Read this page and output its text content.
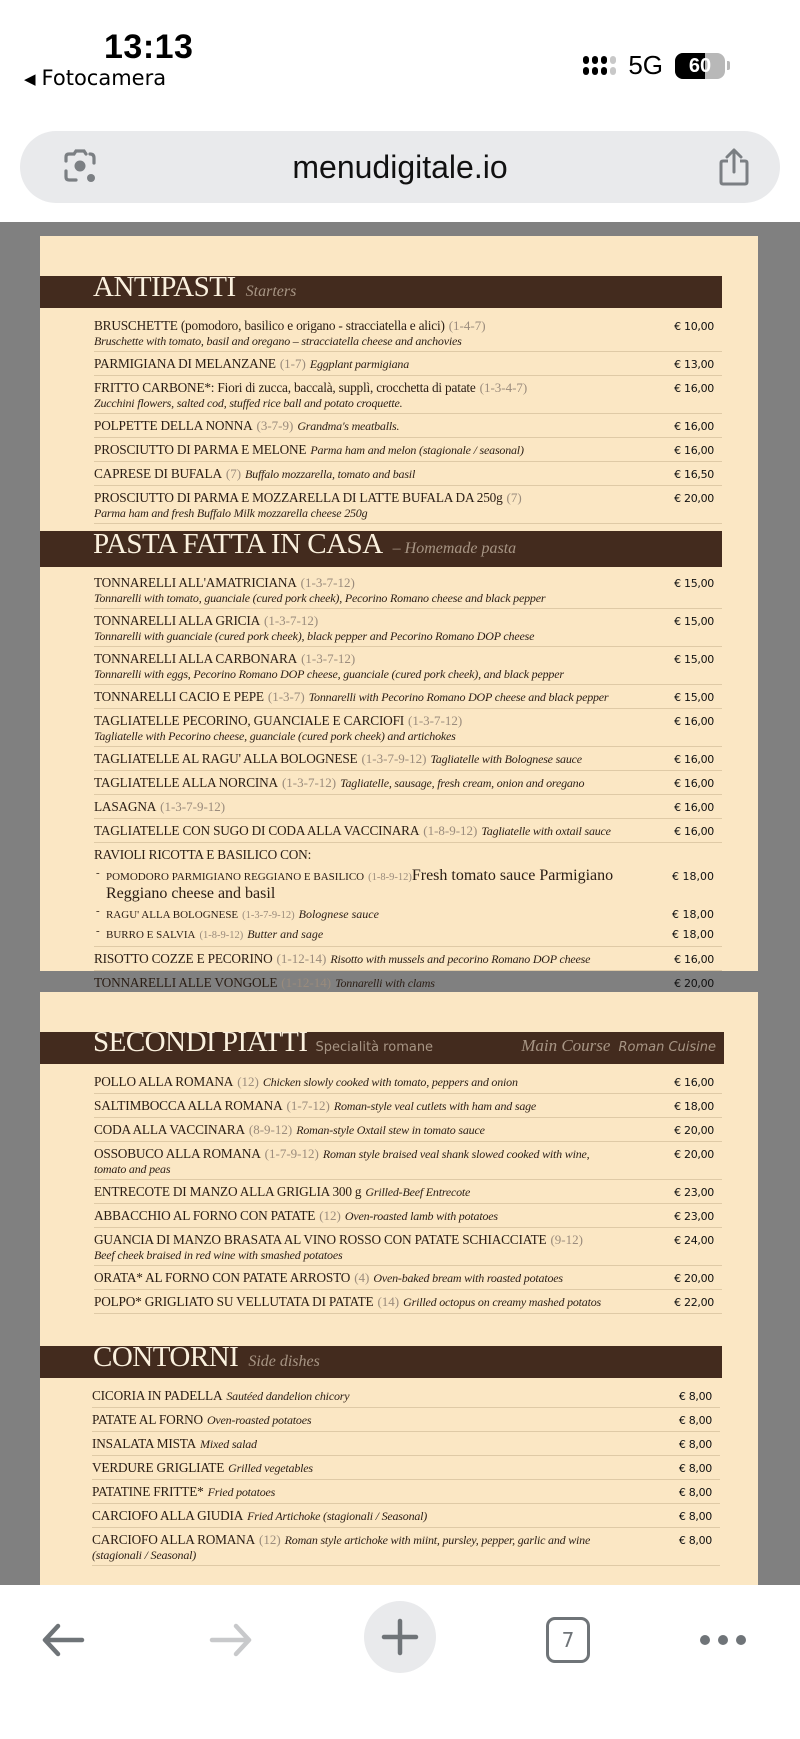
13:13
◀ Fotocamera	5G	60
menudigitale.io
ANTIPASTI Starters
BRUSCHETTE (pomodoro, basilico e origano - stracciatella e alici) (1-4-7)
Bruschette with tomato, basil and oregano – stracciatella cheese and anchovies
€ 10,00
PARMIGIANA DI MELANZANE (1-7) Eggplant parmigiana	€ 13,00
FRITTO CARBONE*: Fiori di zucca, baccalà, supplì, crocchetta di patate (1-3-4-7)
Zucchini flowers, salted cod, stuffed rice ball and potato croquette.
€ 16,00
POLPETTE DELLA NONNA (3-7-9) Grandma's meatballs.	€ 16,00
PROSCIUTTO DI PARMA E MELONE Parma ham and melon (stagionale / seasonal)	€ 16,00
CAPRESE DI BUFALA (7) Buffalo mozzarella, tomato and basil	€ 16,50
PROSCIUTTO DI PARMA E MOZZARELLA DI LATTE BUFALA DA 250g (7)
Parma ham and fresh Buffalo Milk mozzarella cheese 250g
€ 20,00
PASTA FATTA IN CASA – Homemade pasta
TONNARELLI ALL'AMATRICIANA (1-3-7-12)
Tonnarelli with tomato, guanciale (cured pork cheek), Pecorino Romano cheese and black pepper
€ 15,00
TONNARELLI ALLA GRICIA (1-3-7-12)
Tonnarelli with guanciale (cured pork cheek), black pepper and Pecorino Romano DOP cheese
€ 15,00
TONNARELLI ALLA CARBONARA (1-3-7-12)
Tonnarelli with eggs, Pecorino Romano DOP cheese, guanciale (cured pork cheek), and black pepper
€ 15,00
TONNARELLI CACIO E PEPE (1-3-7) Tonnarelli with Pecorino Romano DOP cheese and black pepper	€ 15,00
TAGLIATELLE PECORINO, GUANCIALE E CARCIOFI (1-3-7-12)
Tagliatelle with Pecorino cheese, guanciale (cured pork cheek) and artichokes
€ 16,00
TAGLIATELLE AL RAGU' ALLA BOLOGNESE (1-3-7-9-12) Tagliatelle with Bolognese sauce	€ 16,00
TAGLIATELLE ALLA NORCINA (1-3-7-12) Tagliatelle, sausage, fresh cream, onion and oregano	€ 16,00
LASAGNA (1-3-7-9-12)	€ 16,00
TAGLIATELLE CON SUGO DI CODA ALLA VACCINARA (1-8-9-12) Tagliatelle with oxtail sauce	€ 16,00
RAVIOLI RICOTTA E BASILICO CON:
- POMODORO PARMIGIANO REGGIANO E BASILICO (1-8-9-12)Fresh tomato sauce Parmigiano Reggiano cheese and basil
€ 18,00
- RAGU' ALLA BOLOGNESE (1-3-7-9-12) Bolognese sauce	€ 18,00
- BURRO E SALVIA (1-8-9-12) Butter and sage	€ 18,00
RISOTTO COZZE E PECORINO (1-12-14) Risotto with mussels and pecorino Romano DOP cheese	€ 16,00
TONNARELLI ALLE VONGOLE (1-12-14) Tonnarelli with clams	€ 20,00
SECONDI PIATTI Specialità romane	Main Course Roman Cuisine
POLLO ALLA ROMANA (12) Chicken slowly cooked with tomato, peppers and onion	€ 16,00
SALTIMBOCCA ALLA ROMANA (1-7-12) Roman-style veal cutlets with ham and sage	€ 18,00
CODA ALLA VACCINARA (8-9-12) Roman-style Oxtail stew in tomato sauce	€ 20,00
OSSOBUCO ALLA ROMANA (1-7-9-12) Roman style braised veal shank slowed cooked with wine,
tomato and peas
€ 20,00
ENTRECOTE DI MANZO ALLA GRIGLIA 300 g Grilled-Beef Entrecote	€ 23,00
ABBACCHIO AL FORNO CON PATATE (12) Oven-roasted lamb with potatoes	€ 23,00
GUANCIA DI MANZO BRASATA AL VINO ROSSO CON PATATE SCHIACCIATE (9-12)
Beef cheek braised in red wine with smashed potatoes
€ 24,00
ORATA* AL FORNO CON PATATE ARROSTO (4) Oven-baked bream with roasted potatoes	€ 20,00
POLPO* GRIGLIATO SU VELLUTATA DI PATATE (14) Grilled octopus on creamy mashed potatos	€ 22,00
CONTORNI Side dishes
CICORIA IN PADELLA Sautéed dandelion chicory	€ 8,00
PATATE AL FORNO Oven-roasted potatoes	€ 8,00
INSALATA MISTA Mixed salad	€ 8,00
VERDURE GRIGLIATE Grilled vegetables	€ 8,00
PATATINE FRITTE* Fried potatoes	€ 8,00
CARCIOFO ALLA GIUDIA Fried Artichoke (stagionali / Seasonal)	€ 8,00
CARCIOFO ALLA ROMANA (12) Roman style artichoke with miint, pursley, pepper, garlic and wine
(stagionali / Seasonal)
€ 8,00
7
